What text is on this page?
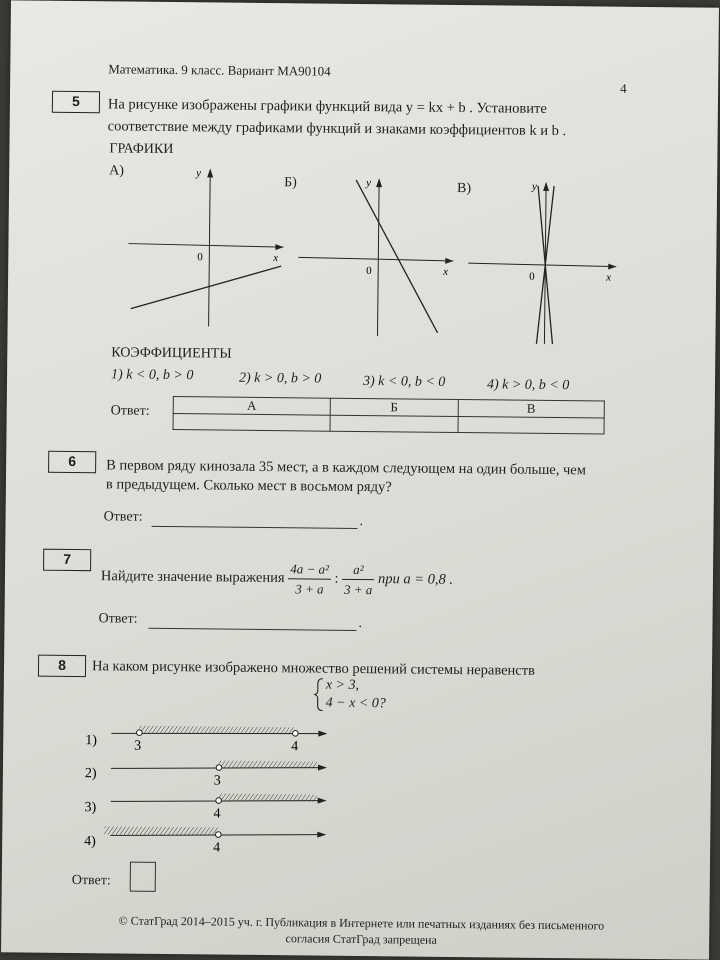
Математика. 9 класс. Вариант МА90104
4
5	На рисунке изображены графики функций вида y = kx + b . Установите
соответствие между графиками функций и знаками коэффициентов k и b .
ГРАФИКИ
А)	y
x
0
Б)	y
x
0
В)	y
x
0
КОЭФФИЦИЕНТЫ
1) k < 0, b > 0	2) k > 0, b > 0	3) k < 0, b < 0	4) k > 0, b < 0
Ответ:	А	Б	В

6	В первом ряду кинозала 35 мест, а в каждом следующем на один больше, чем
в предыдущем. Сколько мест в восьмом ряду?
Ответ:	.
7
Найдите значение выражения $\frac{\text{4a − a²}}{3 + a}$ : $\frac{\text{a²}}{3 + a}$ при a = 0,8 .
Ответ:	.
8	На каком рисунке изображено множество решений системы неравенств
x > 3,
4 − x < 0?
1)	3	4
2)	3
3)	4
4)	4
Ответ:
© СтатГрад 2014–2015 уч. г. Публикация в Интернете или печатных изданиях без письменного
согласия СтатГрад запрещена
